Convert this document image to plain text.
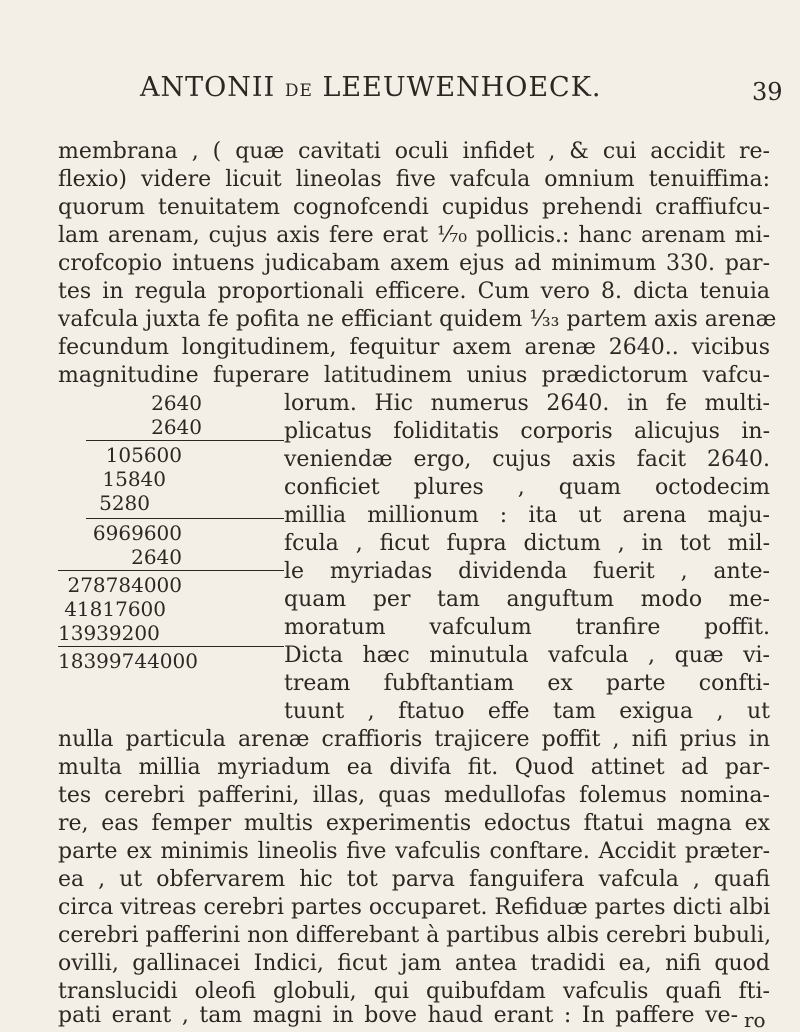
ANTONII DE LEEUWENHOECK.	39
membrana , ( quæ cavitati oculi infidet , & cui accidit re-
flexio) videre licuit lineolas five vafcula omnium tenuiffima:
quorum tenuitatem cognofcendi cupidus prehendi craffiufcu-
lam arenam, cujus axis fere erat ¹⁄₇₀ pollicis.: hanc arenam mi-
crofcopio intuens judicabam axem ejus ad minimum 330. par-
tes in regula proportionali efficere. Cum vero 8. dicta tenuia
vafcula juxta fe pofita ne efficiant quidem ¹⁄₃₃ partem axis arenæ
fecundum longitudinem, fequitur axem arenæ 2640.. vicibus
magnitudine fuperare latitudinem unius prædictorum vafcu-
2640
2640
105600
15840
5280
6969600
2640
278784000
41817600
13939200
18399744000
lorum. Hic numerus 2640. in fe multi-
plicatus foliditatis corporis alicujus in-
veniendæ ergo, cujus axis facit 2640.
conficiet plures , quam octodecim
millia millionum : ita ut arena maju-
fcula , ficut fupra dictum , in tot mil-
le myriadas dividenda fuerit , ante-
quam per tam anguftum modo me-
moratum vafculum tranfire poffit.
Dicta hæc minutula vafcula , quæ vi-
tream fubftantiam ex parte confti-
tuunt , ftatuo effe tam exigua , ut
nulla particula arenæ craffioris trajicere poffit , nifi prius in
multa millia myriadum ea divifa fit. Quod attinet ad par-
tes cerebri pafferini, illas, quas medullofas folemus nomina-
re, eas femper multis experimentis edoctus ftatui magna ex
parte ex minimis lineolis five vafculis conftare. Accidit præter-
ea , ut obfervarem hic tot parva fanguifera vafcula , quafi
circa vitreas cerebri partes occuparet. Refiduæ partes dicti albi
cerebri pafferini non differebant à partibus albis cerebri bubuli,
ovilli, gallinacei Indici, ficut jam antea tradidi ea, nifi quod
translucidi oleofi globuli, qui quibufdam vafculis quafi fti-
pati erant , tam magni in bove haud erant : In paffere ve- ro
